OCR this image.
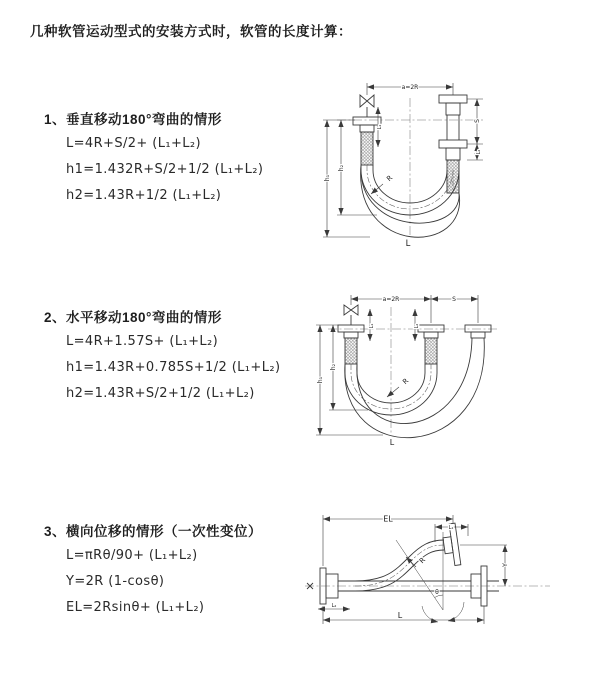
几种软管运动型式的安装方式时，软管的长度计算：
1、垂直移动180°弯曲的情形
L=4R+S/2+ (L₁+L₂)
h1=1.432R+S/2+1/2 (L₁+L₂)
h2=1.43R+1/2 (L₁+L₂)
2、水平移动180°弯曲的情形
L=4R+1.57S+ (L₁+L₂)
h1=1.43R+0.785S+1/2 (L₁+L₂)
h2=1.43R+S/2+1/2 (L₁+L₂)
3、横向位移的情形（一次性变位）
L=πRθ/90+ (L₁+L₂)
Y=2R (1-cosθ)
EL=2Rsinθ+ (L₁+L₂)
a=2R
S
L₂
L₁
h₁
h₂
R
L
a=2R	S
L₁	L₂
h₁
h₂
R
L
EL
L₁
Y
R
θ
L
L₂
